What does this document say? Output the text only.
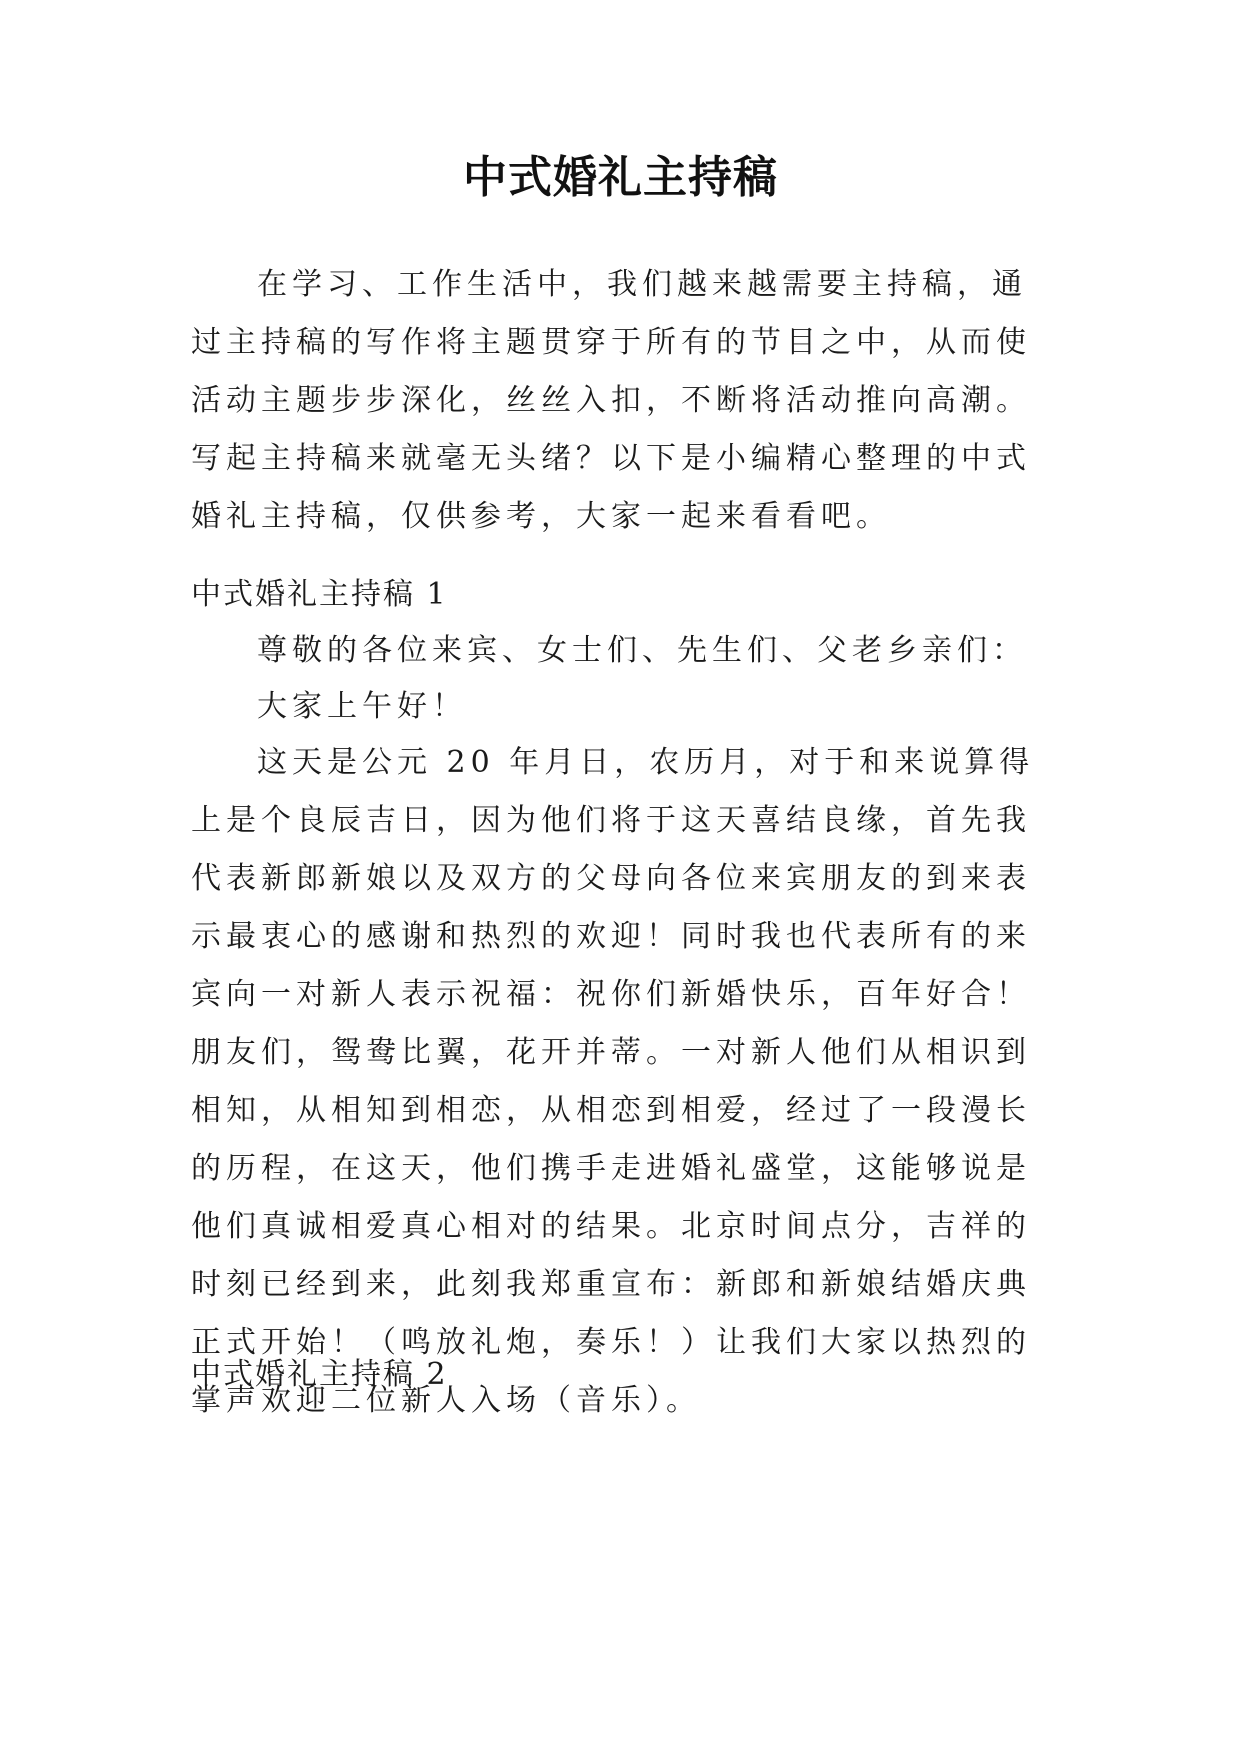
中式婚礼主持稿

在学习、工作生活中，我们越来越需要主持稿，通过主持稿的写作将主题贯穿于所有的节目之中，从而使活动主题步步深化，丝丝入扣，不断将活动推向高潮。写起主持稿来就毫无头绪？以下是小编精心整理的中式婚礼主持稿，仅供参考，大家一起来看看吧。

中式婚礼主持稿 1

尊敬的各位来宾、女士们、先生们、父老乡亲们：

大家上午好！

这天是公元 20 年月日，农历月，对于和来说算得上是个良辰吉日，因为他们将于这天喜结良缘，首先我代表新郎新娘以及双方的父母向各位来宾朋友的到来表示最衷心的感谢和热烈的欢迎！同时我也代表所有的来宾向一对新人表示祝福：祝你们新婚快乐，百年好合！朋友们，鸳鸯比翼，花开并蒂。一对新人他们从相识到相知，从相知到相恋，从相恋到相爱，经过了一段漫长的历程，在这天，他们携手走进婚礼盛堂，这能够说是他们真诚相爱真心相对的结果。北京时间点分，吉祥的时刻已经到来，此刻我郑重宣布：新郎和新娘结婚庆典正式开始！（鸣放礼炮，奏乐！）让我们大家以热烈的掌声欢迎二位新人入场（音乐）。

中式婚礼主持稿 2
